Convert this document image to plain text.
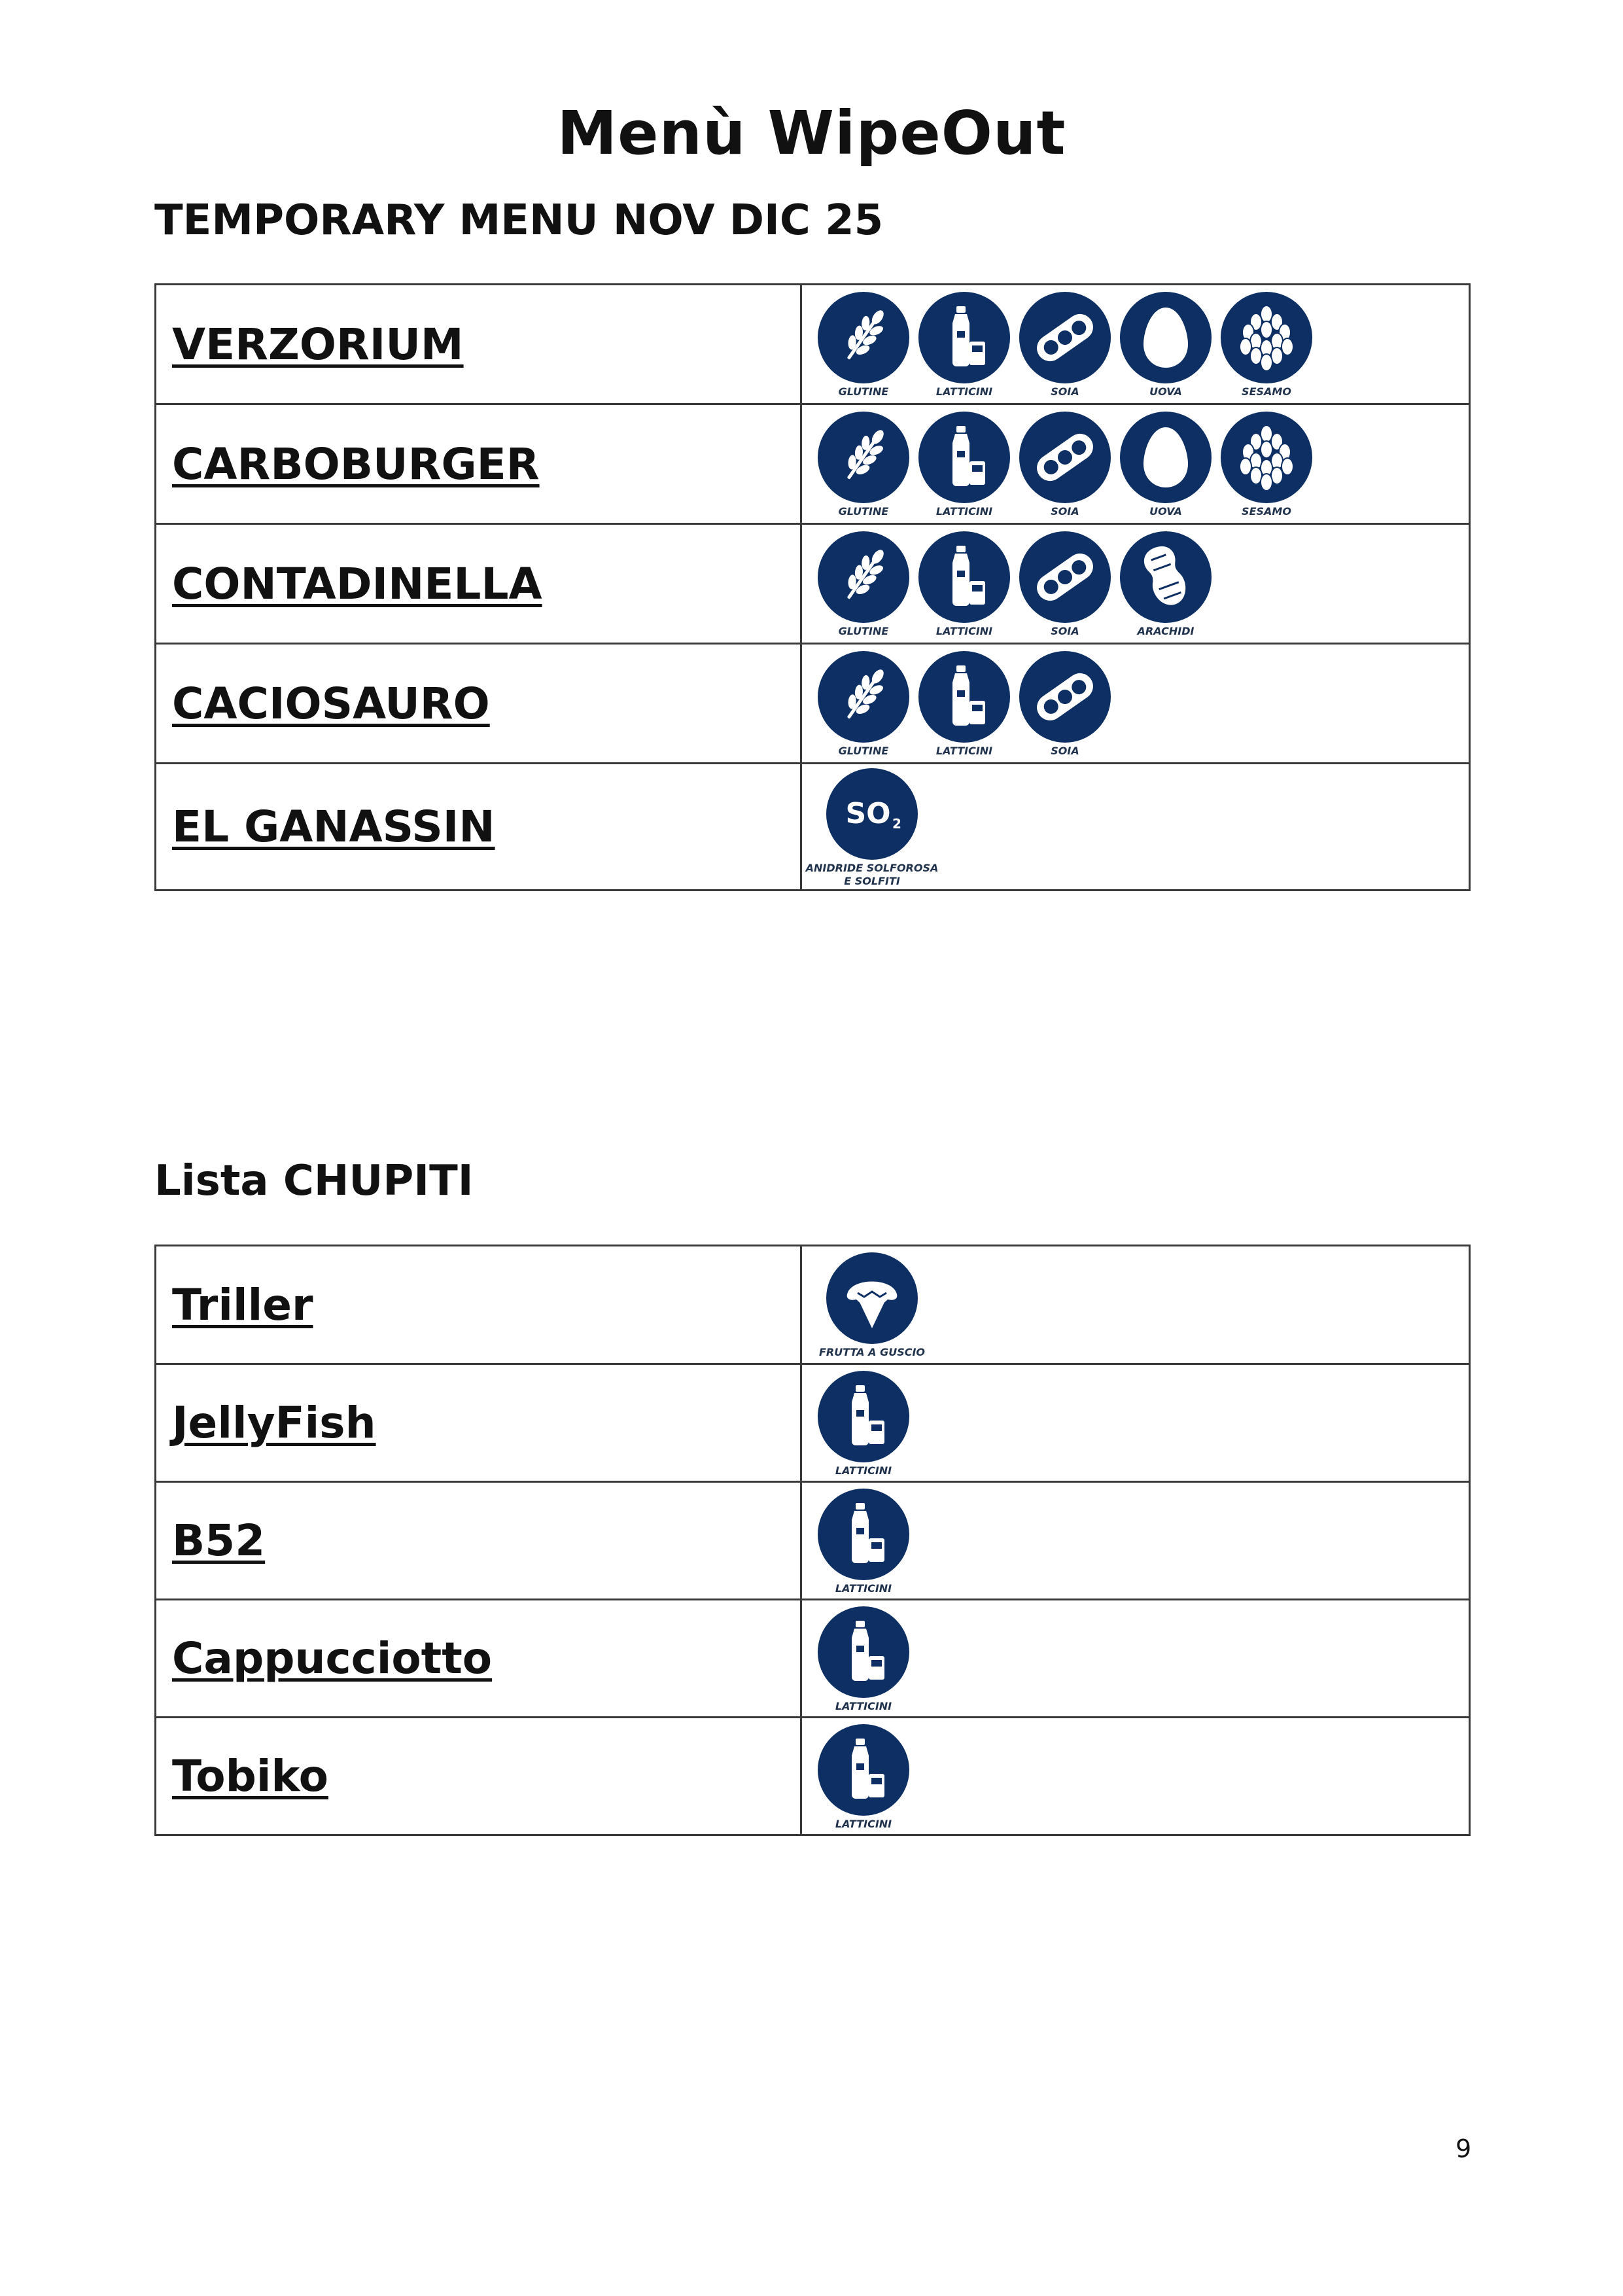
Menù WipeOut
TEMPORARY MENU NOV DIC 25
VERZORIUM	GLUTINE LATTICINI SOIA UOVA SESAMO

CARBOBURGER	GLUTINE LATTICINI SOIA UOVA SESAMO

CONTADINELLA	GLUTINE LATTICINI SOIA ARACHIDI

CACIOSAURO	GLUTINE LATTICINI SOIA

EL GANASSIN	SO 2
ANIDRIDE SOLFOROSA
E SOLFITI
Lista CHUPITI
Triller	FRUTTA A GUSCIO

JellyFish	LATTICINI

B52	LATTICINI

Cappucciotto	LATTICINI

Tobiko	LATTICINI
9
